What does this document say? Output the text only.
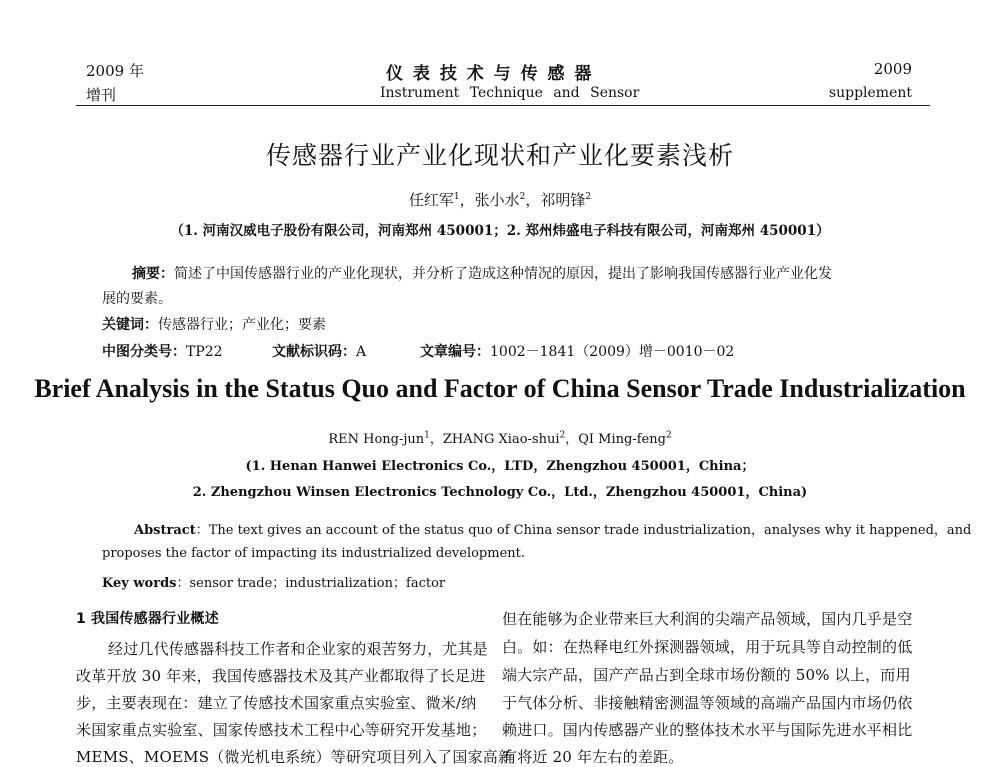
2009 年
增刊
仪 表 技 术 与 传 感 器
Instrument Technique and Sensor
2009
supplement
传感器行业产业化现状和产业化要素浅析
任红军$^1$，张小水$^2$，祁明锋$^2$
（1. 河南汉威电子股份有限公司，河南郑州 450001；2. 郑州炜盛电子科技有限公司，河南郑州 450001）
摘要：简述了中国传感器行业的产业化现状，并分析了造成这种情况的原因，提出了影响我国传感器行业产业化发
展的要素。
关键词：传感器行业；产业化；要素
中图分类号：TP22	文献标识码：A	文章编号：1002－1841（2009）增－0010－02
Brief Analysis in the Status Quo and Factor of China Sensor Trade Industrialization
REN Hong-jun$^1$，ZHANG Xiao-shui$^2$，QI Ming-feng$^2$
(1. Henan Hanwei Electronics Co.，LTD，Zhengzhou 450001，China；
2. Zhengzhou Winsen Electronics Technology Co.，Ltd.，Zhengzhou 450001，China)
Abstract：The text gives an account of the status quo of China sensor trade industrialization，analyses why it happened，and
proposes the factor of impacting its industrialized development.
Key words：sensor trade；industrialization；factor
1 我国传感器行业概述
经过几代传感器科技工作者和企业家的艰苦努力，尤其是
改革开放 30 年来，我国传感器技术及其产业都取得了长足进
步，主要表现在：建立了传感技术国家重点实验室、微米/纳
米国家重点实验室、国家传感技术工程中心等研究开发基地；
MEMS、MOEMS（微光机电系统）等研究项目列入了国家高新
但在能够为企业带来巨大利润的尖端产品领域，国内几乎是空
白。如：在热释电红外探测器领域，用于玩具等自动控制的低
端大宗产品，国产产品占到全球市场份额的 50% 以上，而用
于气体分析、非接触精密测温等领域的高端产品国内市场仍依
赖进口。国内传感器产业的整体技术水平与国际先进水平相比
有将近 20 年左右的差距。
